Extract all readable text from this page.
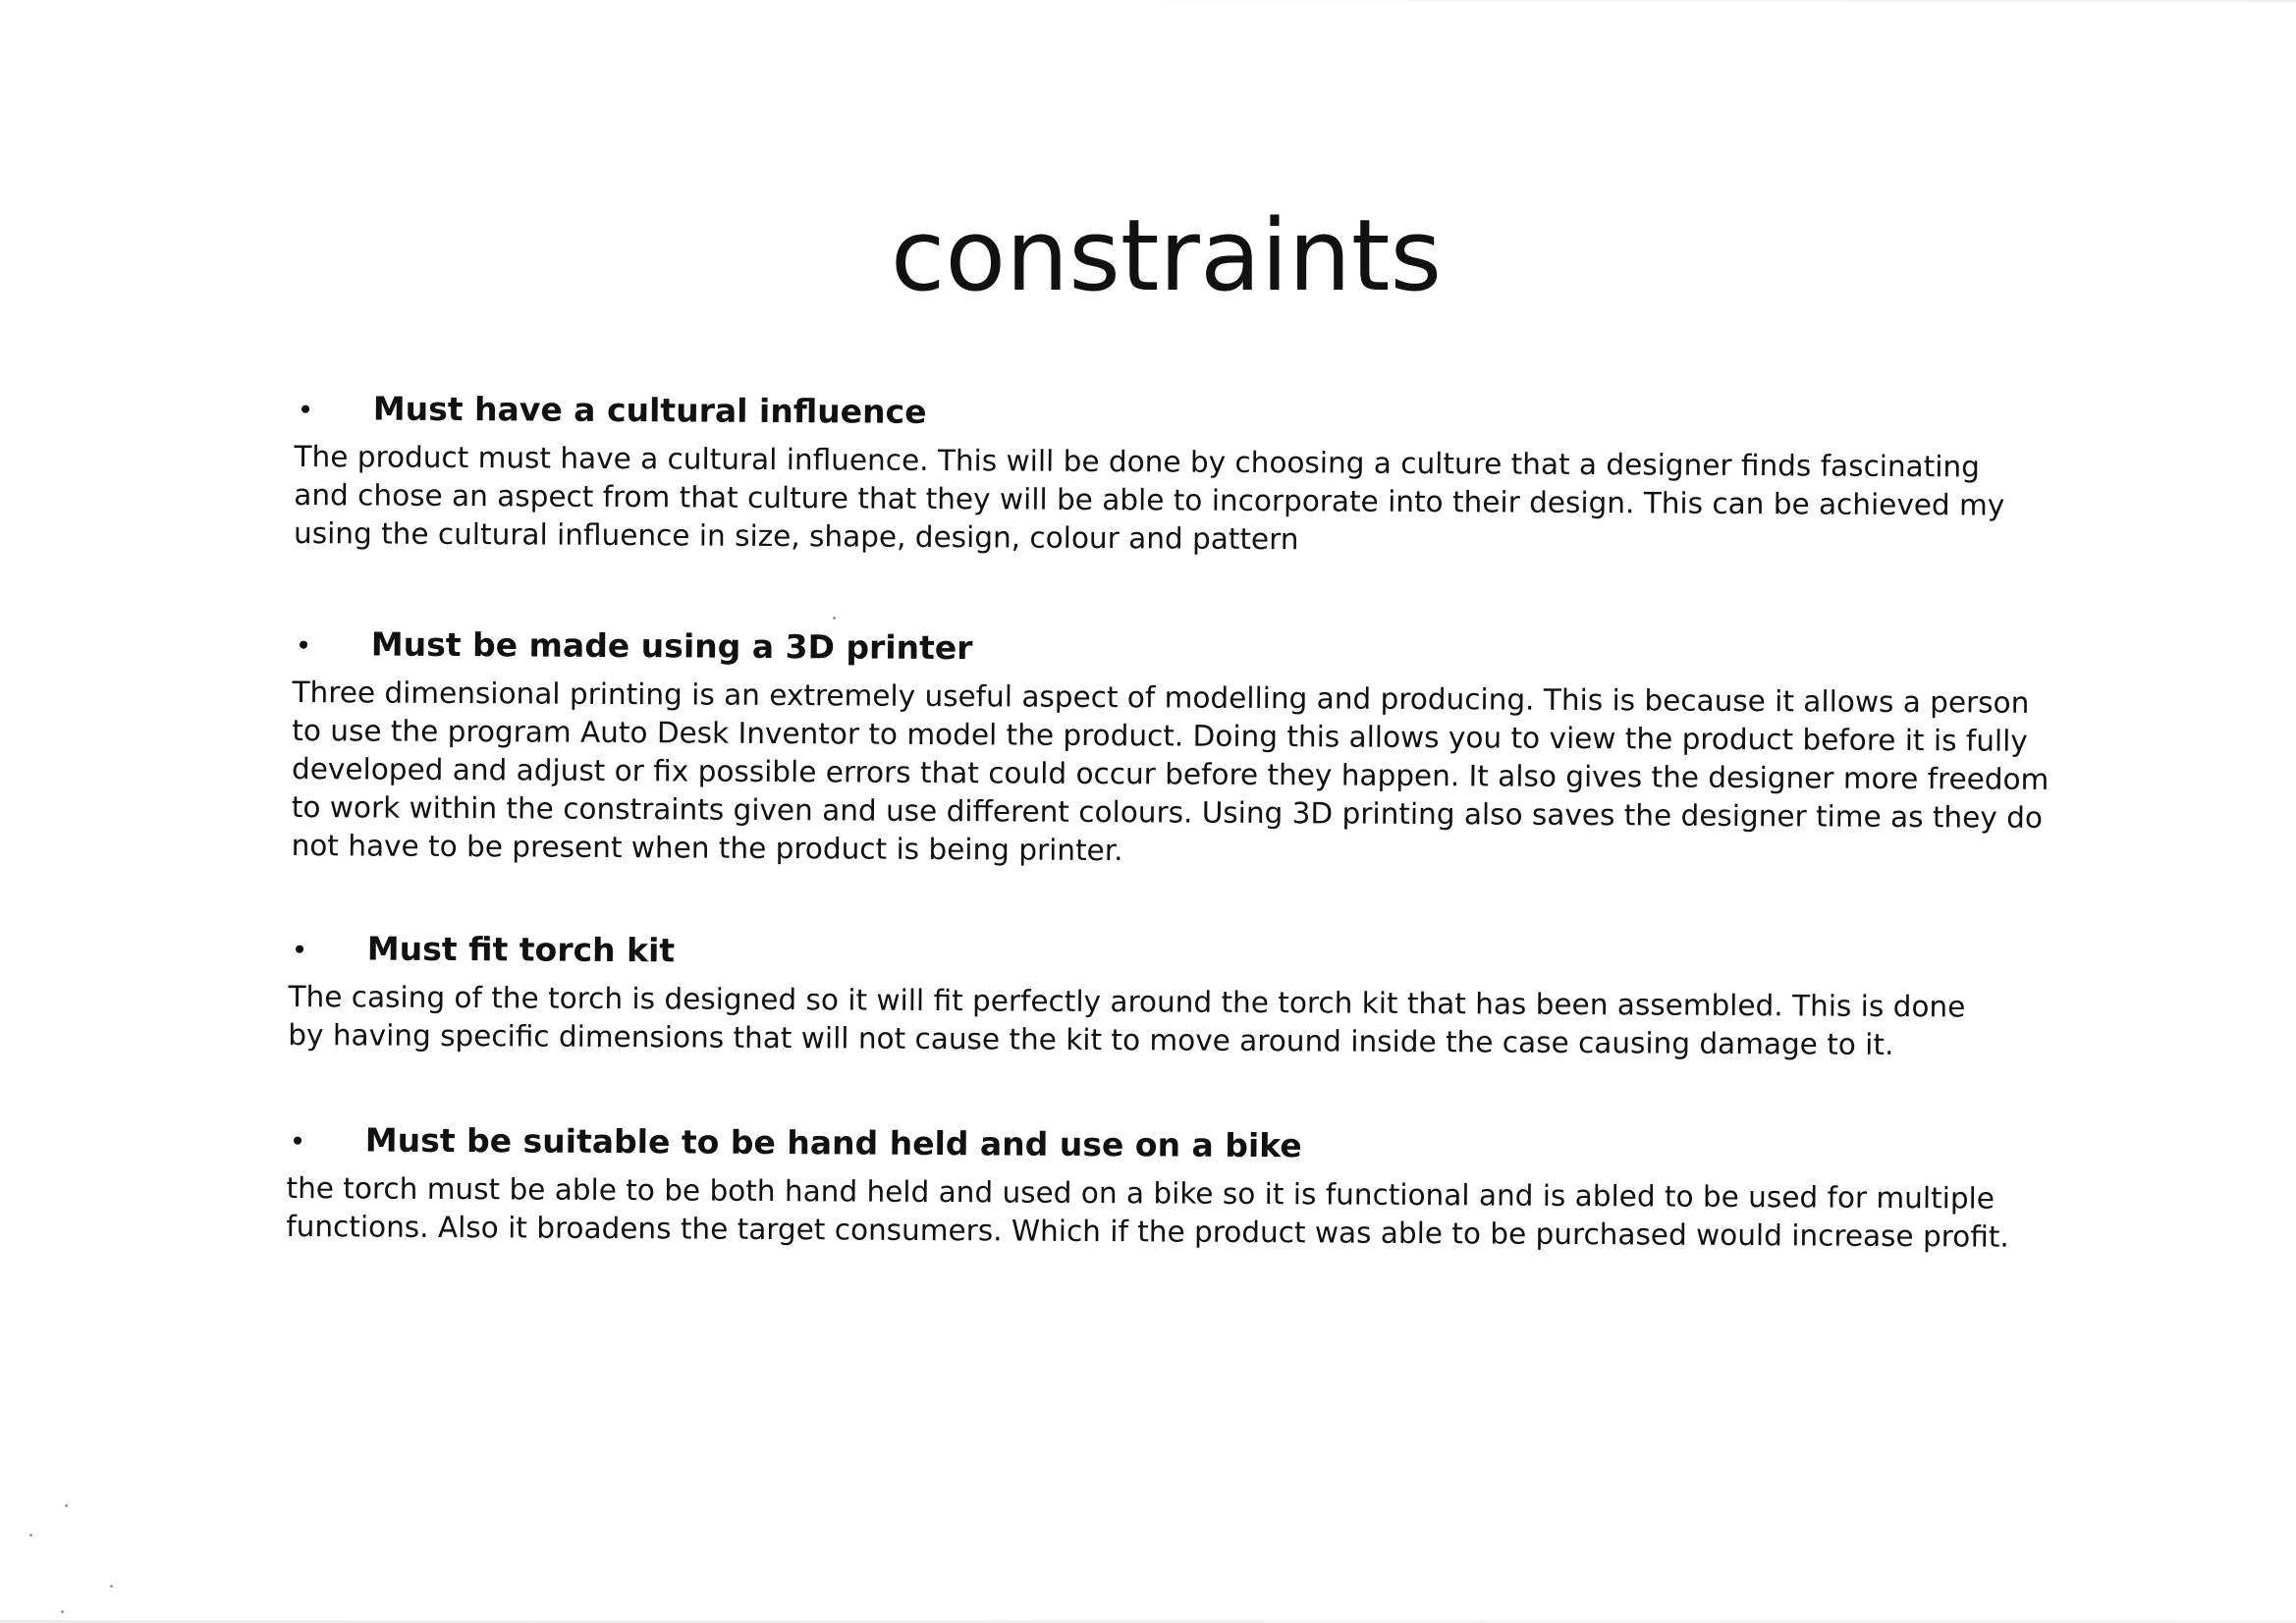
constraints
•	Must have a cultural influence

The product must have a cultural influence. This will be done by choosing a culture that a designer finds fascinating and chose an aspect from that culture that they will be able to incorporate into their design. This can be achieved my using the cultural influence in size, shape, design, colour and pattern

•	Must be made using a 3D printer

Three dimensional printing is an extremely useful aspect of modelling and producing. This is because it allows a person to use the program Auto Desk Inventor to model the product. Doing this allows you to view the product before it is fully developed and adjust or fix possible errors that could occur before they happen. It also gives the designer more freedom to work within the constraints given and use different colours. Using 3D printing also saves the designer time as they do not have to be present when the product is being printer.

•	Must fit torch kit

The casing of the torch is designed so it will fit perfectly around the torch kit that has been assembled. This is done by having specific dimensions that will not cause the kit to move around inside the case causing damage to it.

•	Must be suitable to be hand held and use on a bike

the torch must be able to be both hand held and used on a bike so it is functional and is abled to be used for multiple functions. Also it broadens the target consumers. Which if the product was able to be purchased would increase profit.
